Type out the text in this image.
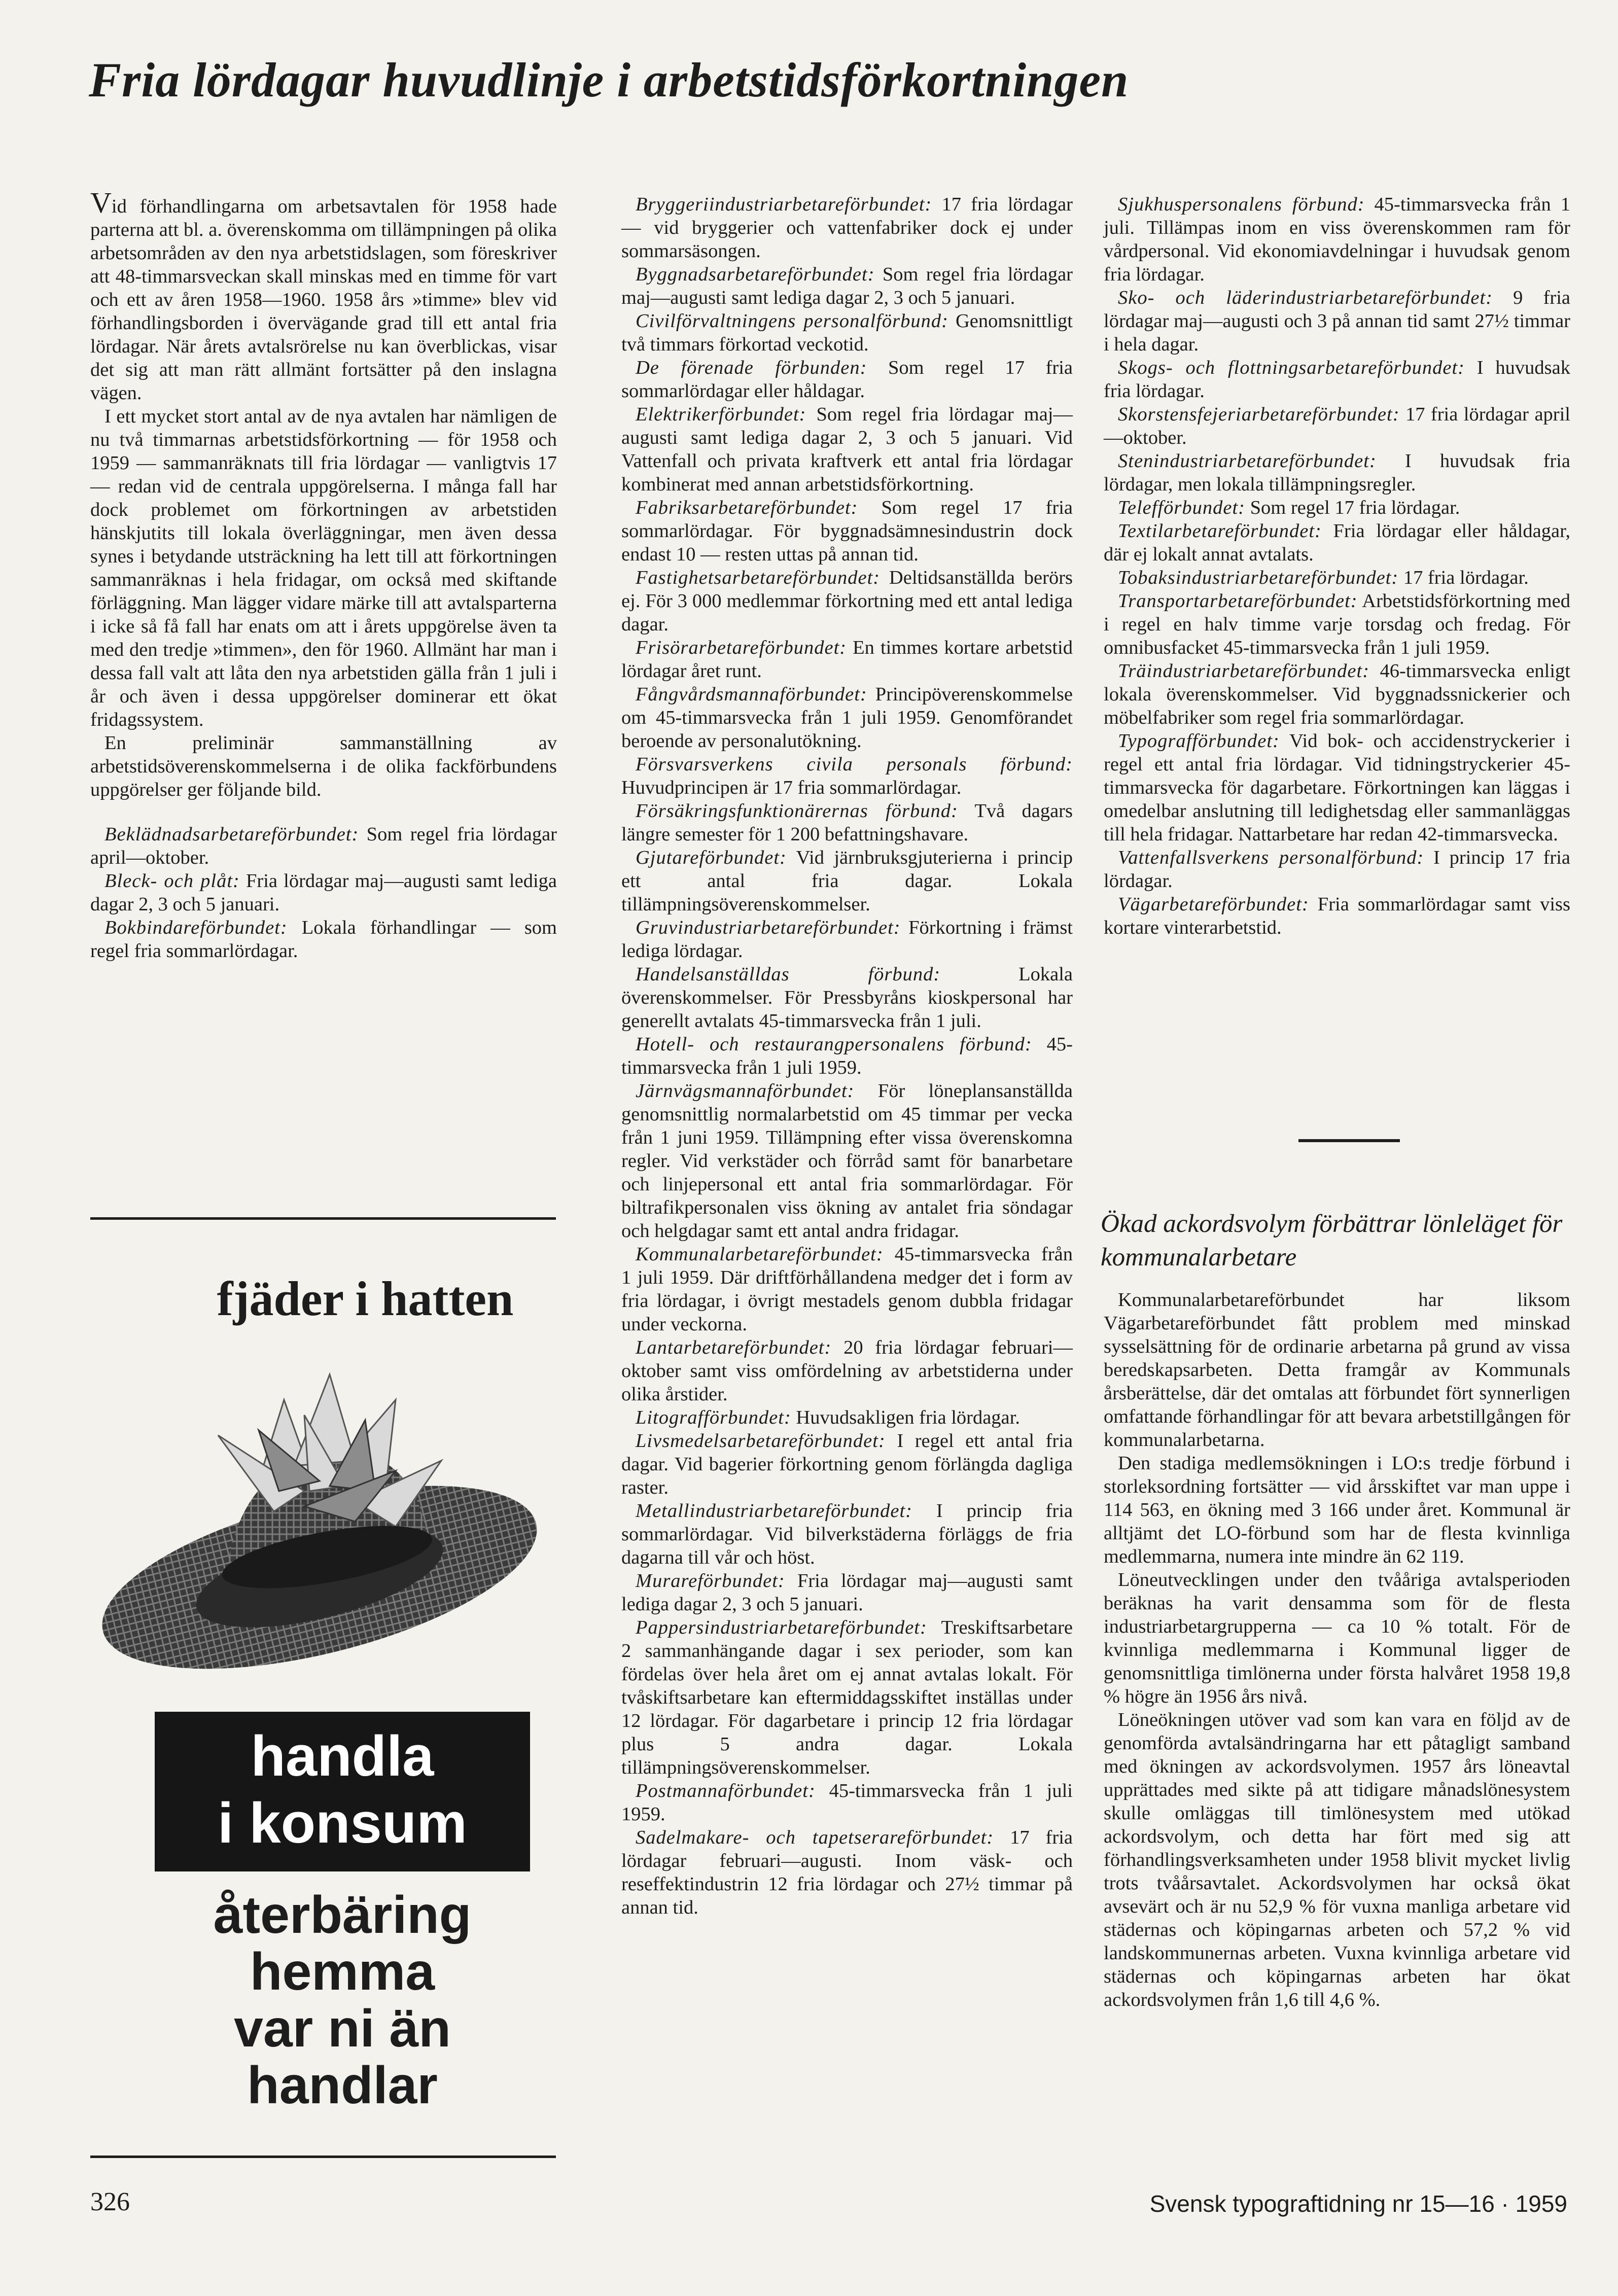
Fria lördagar huvudlinje i arbetstidsförkortningen

Vid förhandlingarna om arbetsavtalen för 1958 hade parterna att bl. a. överenskomma om tillämpningen på olika arbetsområden av den nya arbetstidslagen, som föreskriver att 48-timmarsveckan skall minskas med en timme för vart och ett av åren 1958—1960. 1958 års »timme» blev vid förhandlingsborden i övervägande grad till ett antal fria lördagar. När årets avtalsrörelse nu kan överblickas, visar det sig att man rätt allmänt fortsätter på den inslagna vägen.

I ett mycket stort antal av de nya avtalen har nämligen de nu två timmarnas arbetstidsförkortning — för 1958 och 1959 — sammanräknats till fria lördagar — vanligtvis 17 — redan vid de centrala uppgörelserna. I många fall har dock problemet om förkortningen av arbetstiden hänskjutits till lokala överläggningar, men även dessa synes i betydande utsträckning ha lett till att förkortningen sammanräknas i hela fridagar, om också med skiftande förläggning. Man lägger vidare märke till att avtalsparterna i icke så få fall har enats om att i årets uppgörelse även ta med den tredje »timmen», den för 1960. Allmänt har man i dessa fall valt att låta den nya arbetstiden gälla från 1 juli i år och även i dessa uppgörelser dominerar ett ökat fridagssystem.

En preliminär sammanställning av arbetstidsöverenskommelserna i de olika fackförbundens uppgörelser ger följande bild.

Beklädnadsarbetareförbundet: Som regel fria lördagar april—oktober.

Bleck- och plåt: Fria lördagar maj—augusti samt lediga dagar 2, 3 och 5 januari.

Bokbindareförbundet: Lokala förhandlingar — som regel fria sommarlördagar.

fjäder i hatten
handla
i konsum
återbäring
hemma
var ni än
handlar

Bryggeriindustriarbetareförbundet: 17 fria lördagar — vid bryggerier och vattenfabriker dock ej under sommarsäsongen.

Byggnadsarbetareförbundet: Som regel fria lördagar maj—augusti samt lediga dagar 2, 3 och 5 januari.

Civilförvaltningens personalförbund: Genomsnittligt två timmars förkortad veckotid.

De förenade förbunden: Som regel 17 fria sommarlördagar eller håldagar.

Elektrikerförbundet: Som regel fria lördagar maj—augusti samt lediga dagar 2, 3 och 5 januari. Vid Vattenfall och privata kraftverk ett antal fria lördagar kombinerat med annan arbetstidsförkortning.

Fabriksarbetareförbundet: Som regel 17 fria sommarlördagar. För byggnadsämnesindustrin dock endast 10 — resten uttas på annan tid.

Fastighetsarbetareförbundet: Deltidsanställda berörs ej. För 3 000 medlemmar förkortning med ett antal lediga dagar.

Frisörarbetareförbundet: En timmes kortare arbetstid lördagar året runt.

Fångvårdsmannaförbundet: Principöverenskommelse om 45-timmarsvecka från 1 juli 1959. Genomförandet beroende av personalutökning.

Försvarsverkens civila personals förbund: Huvudprincipen är 17 fria sommarlördagar.

Försäkringsfunktionärernas förbund: Två dagars längre semester för 1 200 befattningshavare.

Gjutareförbundet: Vid järnbruksgjuterierna i princip ett antal fria dagar. Lokala tillämpningsöverenskommelser.

Gruvindustriarbetareförbundet: Förkortning i främst lediga lördagar.

Handelsanställdas förbund: Lokala överenskommelser. För Pressbyråns kioskpersonal har generellt avtalats 45-timmarsvecka från 1 juli.

Hotell- och restaurangpersonalens förbund: 45-timmarsvecka från 1 juli 1959.

Järnvägsmannaförbundet: För löneplansanställda genomsnittlig normalarbetstid om 45 timmar per vecka från 1 juni 1959. Tillämpning efter vissa överenskomna regler. Vid verkstäder och förråd samt för banarbetare och linjepersonal ett antal fria sommarlördagar. För biltrafikpersonalen viss ökning av antalet fria söndagar och helgdagar samt ett antal andra fridagar.

Kommunalarbetareförbundet: 45-timmarsvecka från 1 juli 1959. Där driftförhållandena medger det i form av fria lördagar, i övrigt mestadels genom dubbla fridagar under veckorna.

Lantarbetareförbundet: 20 fria lördagar februari—oktober samt viss omfördelning av arbetstiderna under olika årstider.

Litografförbundet: Huvudsakligen fria lördagar.

Livsmedelsarbetareförbundet: I regel ett antal fria dagar. Vid bagerier förkortning genom förlängda dagliga raster.

Metallindustriarbetareförbundet: I princip fria sommarlördagar. Vid bilverkstäderna förläggs de fria dagarna till vår och höst.

Murareförbundet: Fria lördagar maj—augusti samt lediga dagar 2, 3 och 5 januari.

Pappersindustriarbetareförbundet: Treskiftsarbetare 2 sammanhängande dagar i sex perioder, som kan fördelas över hela året om ej annat avtalas lokalt. För tvåskiftsarbetare kan eftermiddagsskiftet inställas under 12 lördagar. För dagarbetare i princip 12 fria lördagar plus 5 andra dagar. Lokala tillämpningsöverenskommelser.

Postmannaförbundet: 45-timmarsvecka från 1 juli 1959.

Sadelmakare- och tapetserareförbundet: 17 fria lördagar februari—augusti. Inom väsk- och reseffektindustrin 12 fria lördagar och 27½ timmar på annan tid.

Sjukhuspersonalens förbund: 45-timmarsvecka från 1 juli. Tillämpas inom en viss överenskommen ram för vårdpersonal. Vid ekonomiavdelningar i huvudsak genom fria lördagar.

Sko- och läderindustriarbetareförbundet: 9 fria lördagar maj—augusti och 3 på annan tid samt 27½ timmar i hela dagar.

Skogs- och flottningsarbetareförbundet: I huvudsak fria lördagar.

Skorstensfejeriarbetareförbundet: 17 fria lördagar april—oktober.

Stenindustriarbetareförbundet: I huvudsak fria lördagar, men lokala tillämpningsregler.

Telefförbundet: Som regel 17 fria lördagar.

Textilarbetareförbundet: Fria lördagar eller håldagar, där ej lokalt annat avtalats.

Tobaksindustriarbetareförbundet: 17 fria lördagar.

Transportarbetareförbundet: Arbetstidsförkortning med i regel en halv timme varje torsdag och fredag. För omnibusfacket 45-timmarsvecka från 1 juli 1959.

Träindustriarbetareförbundet: 46-timmarsvecka enligt lokala överenskommelser. Vid byggnadssnickerier och möbelfabriker som regel fria sommarlördagar.

Typografförbundet: Vid bok- och accidenstryckerier i regel ett antal fria lördagar. Vid tidningstryckerier 45-timmarsvecka för dagarbetare. Förkortningen kan läggas i omedelbar anslutning till ledighetsdag eller sammanläggas till hela fridagar. Nattarbetare har redan 42-timmarsvecka.

Vattenfallsverkens personalförbund: I princip 17 fria lördagar.

Vägarbetareförbundet: Fria sommarlördagar samt viss kortare vinterarbetstid.

Ökad ackordsvolym förbättrar lönleläget för kommunalarbetare

Kommunalarbetareförbundet har liksom Vägarbetareförbundet fått problem med minskad sysselsättning för de ordinarie arbetarna på grund av vissa beredskapsarbeten. Detta framgår av Kommunals årsberättelse, där det omtalas att förbundet fört synnerligen omfattande förhandlingar för att bevara arbetstillgången för kommunalarbetarna.

Den stadiga medlemsökningen i LO:s tredje förbund i storleksordning fortsätter — vid årsskiftet var man uppe i 114 563, en ökning med 3 166 under året. Kommunal är alltjämt det LO-förbund som har de flesta kvinnliga medlemmarna, numera inte mindre än 62 119.

Löneutvecklingen under den tvååriga avtalsperioden beräknas ha varit densamma som för de flesta industriarbetargrupperna — ca 10 % totalt. För de kvinnliga medlemmarna i Kommunal ligger de genomsnittliga timlönerna under första halvåret 1958 19,8 % högre än 1956 års nivå.

Löneökningen utöver vad som kan vara en följd av de genomförda avtalsändringarna har ett påtagligt samband med ökningen av ackordsvolymen. 1957 års löneavtal upprättades med sikte på att tidigare månadslönesystem skulle omläggas till timlönesystem med utökad ackordsvolym, och detta har fört med sig att förhandlingsverksamheten under 1958 blivit mycket livlig trots tvåårsavtalet. Ackordsvolymen har också ökat avsevärt och är nu 52,9 % för vuxna manliga arbetare vid städernas och köpingarnas arbeten och 57,2 % vid landskommunernas arbeten. Vuxna kvinnliga arbetare vid städernas och köpingarnas arbeten har ökat ackordsvolymen från 1,6 till 4,6 %.

326	Svensk typograftidning nr 15—16 · 1959
